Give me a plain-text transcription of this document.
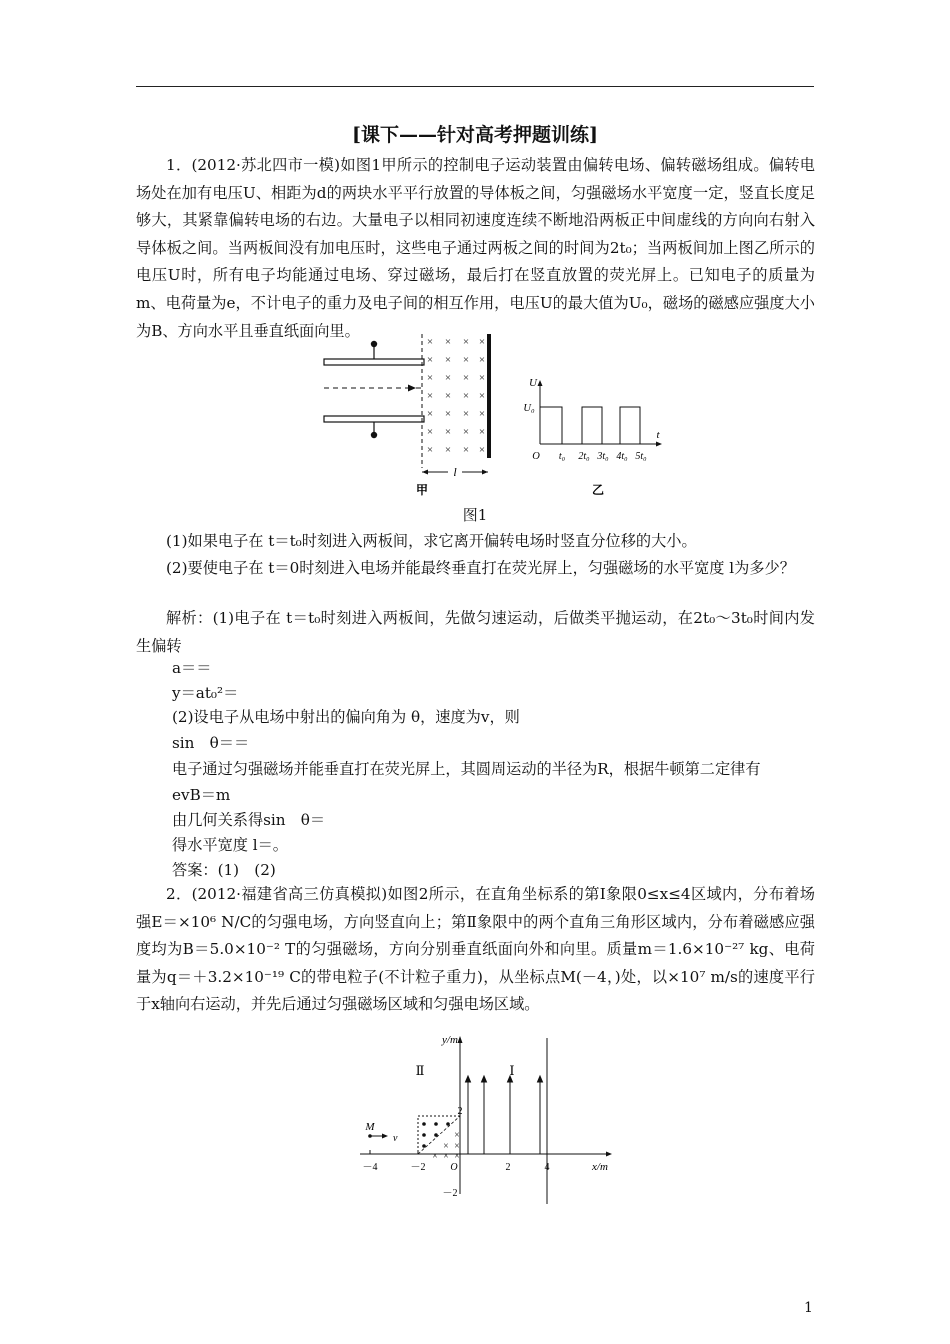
[课下——针对高考押题训练]
1．(2012·苏北四市一模)如图1甲所示的控制电子运动装置由偏转电场、偏转磁场组成。偏转电场处在加有电压U、相距为d的两块水平平行放置的导体板之间，匀强磁场水平宽度一定，竖直长度足够大，其紧靠偏转电场的右边。大量电子以相同初速度连续不断地沿两板正中间虚线的方向向右射入导体板之间。当两板间没有加电压时，这些电子通过两板之间的时间为2t₀；当两板间加上图乙所示的电压U时，所有电子均能通过电场、穿过磁场，最后打在竖直放置的荧光屏上。已知电子的质量为m、电荷量为e，不计电子的重力及电子间的相互作用，电压U的最大值为U₀，磁场的磁感应强度大小为B、方向水平且垂直纸面向里。
× × × ×
× × × ×
× × × ×
× × × ×
× × × ×
× × × ×
× × × ×
l
甲
U
U₀
O
t
t₀ 2t₀ 3t₀ 4t₀ 5t₀
乙
图1
(1)如果电子在 t＝t₀时刻进入两板间，求它离开偏转电场时竖直分位移的大小。
(2)要使电子在 t＝0时刻进入电场并能最终垂直打在荧光屏上，匀强磁场的水平宽度 l为多少？
解析：(1)电子在 t＝t₀时刻进入两板间，先做匀速运动，后做类平抛运动，在2t₀～3t₀时间内发生偏转
a＝＝
y＝at₀²＝
(2)设电子从电场中射出的偏向角为 θ，速度为v，则
sin　θ＝＝
电子通过匀强磁场并能垂直打在荧光屏上，其圆周运动的半径为R，根据牛顿第二定律有
evB＝m
由几何关系得sin　θ＝
得水平宽度 l＝。
答案：(1)　(2)
2．(2012·福建省高三仿真模拟)如图2所示，在直角坐标系的第Ⅰ象限0≤x≤4区域内，分布着场强E＝×10⁶ N/C的匀强电场，方向竖直向上；第Ⅱ象限中的两个直角三角形区域内，分布着磁感应强度均为B＝5.0×10⁻² T的匀强磁场，方向分别垂直纸面向外和向里。质量m＝1.6×10⁻²⁷ kg、电荷量为q＝＋3.2×10⁻¹⁹ C的带电粒子(不计粒子重力)，从坐标点M(－4，)处，以×10⁷ m/s的速度平行于x轴向右运动，并先后通过匀强磁场区域和匀强电场区域。
×
× ×
× × ×
y/m
x/m
Ⅱ	Ⅰ
M
v
－4	－2 O	2	4
2
－2
1
